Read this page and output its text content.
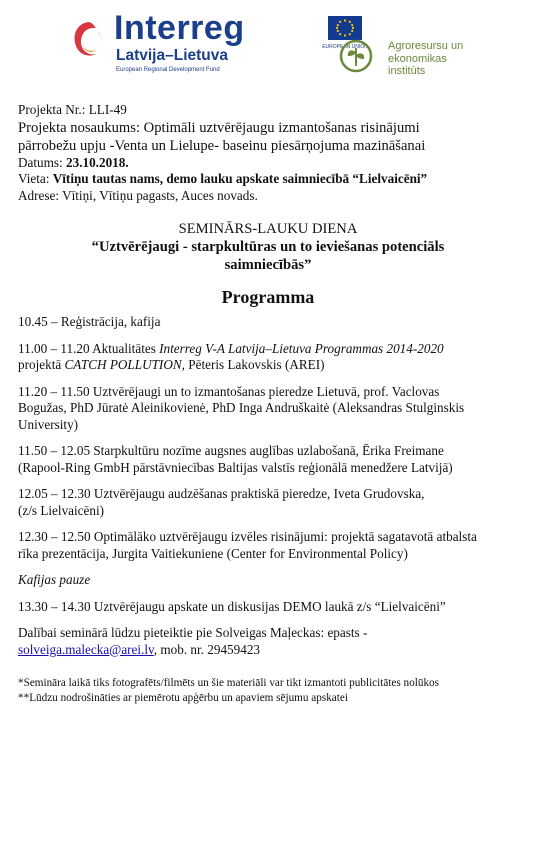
Interreg
Latvija–Lietuva
European Regional Development Fund
EUROPEAN UNION Agroresursu un
ekonomikas
institūts
Projekta Nr.: LLI-49
Projekta nosaukums: Optimāli uztvērējaugu izmantošanas risinājumi
pārrobežu upju -Venta un Lielupe- baseinu piesārņojuma mazināšanai
Datums: 23.10.2018.
Vieta: Vītiņu tautas nams, demo lauku apskate saimniecībā “Lielvaicēni”
Adrese: Vītiņi, Vītiņu pagasts, Auces novads.
SEMINĀRS-LAUKU DIENA
“Uztvērējaugi - starpkultūras un to ieviešanas potenciāls
saimniecībās”
Programma
10.45 – Reģistrācija, kafija
11.00 – 11.20 Aktualitātes Interreg V-A Latvija–Lietuva Programmas 2014-2020
projektā CATCH POLLUTION, Pēteris Lakovskis (AREI)
11.20 – 11.50 Uztvērējaugi un to izmantošanas pieredze Lietuvā, prof. Vaclovas
Bogužas, PhD Jūratė Aleinikovienė, PhD Inga Andruškaitė (Aleksandras Stulginskis
University)
11.50 – 12.05 Starpkultūru nozīme augsnes auglības uzlabošanā, Ērika Freimane
(Rapool-Ring GmbH pārstāvniecības Baltijas valstīs reģionālā menedžere Latvijā)
12.05 – 12.30 Uztvērējaugu audzēšanas praktiskā pieredze, Iveta Grudovska,
(z/s Lielvaicēni)
12.30 – 12.50 Optimālāko uztvērējaugu izvēles risinājumi: projektā sagatavotā atbalsta
rīka prezentācija, Jurgita Vaitiekuniene (Center for Environmental Policy)
Kafijas pauze
13.30 – 14.30 Uztvērējaugu apskate un diskusijas DEMO laukā z/s “Lielvaicēni”
Dalībai seminārā lūdzu pieteiktie pie Solveigas Maļeckas: epasts -
solveiga.malecka@arei.lv, mob. nr. 29459423
*Semināra laikā tiks fotografēts/filmēts un šie materiāli var tikt izmantoti publicitātes nolūkos
**Lūdzu nodrošināties ar piemērotu apģērbu un apaviem sējumu apskatei
